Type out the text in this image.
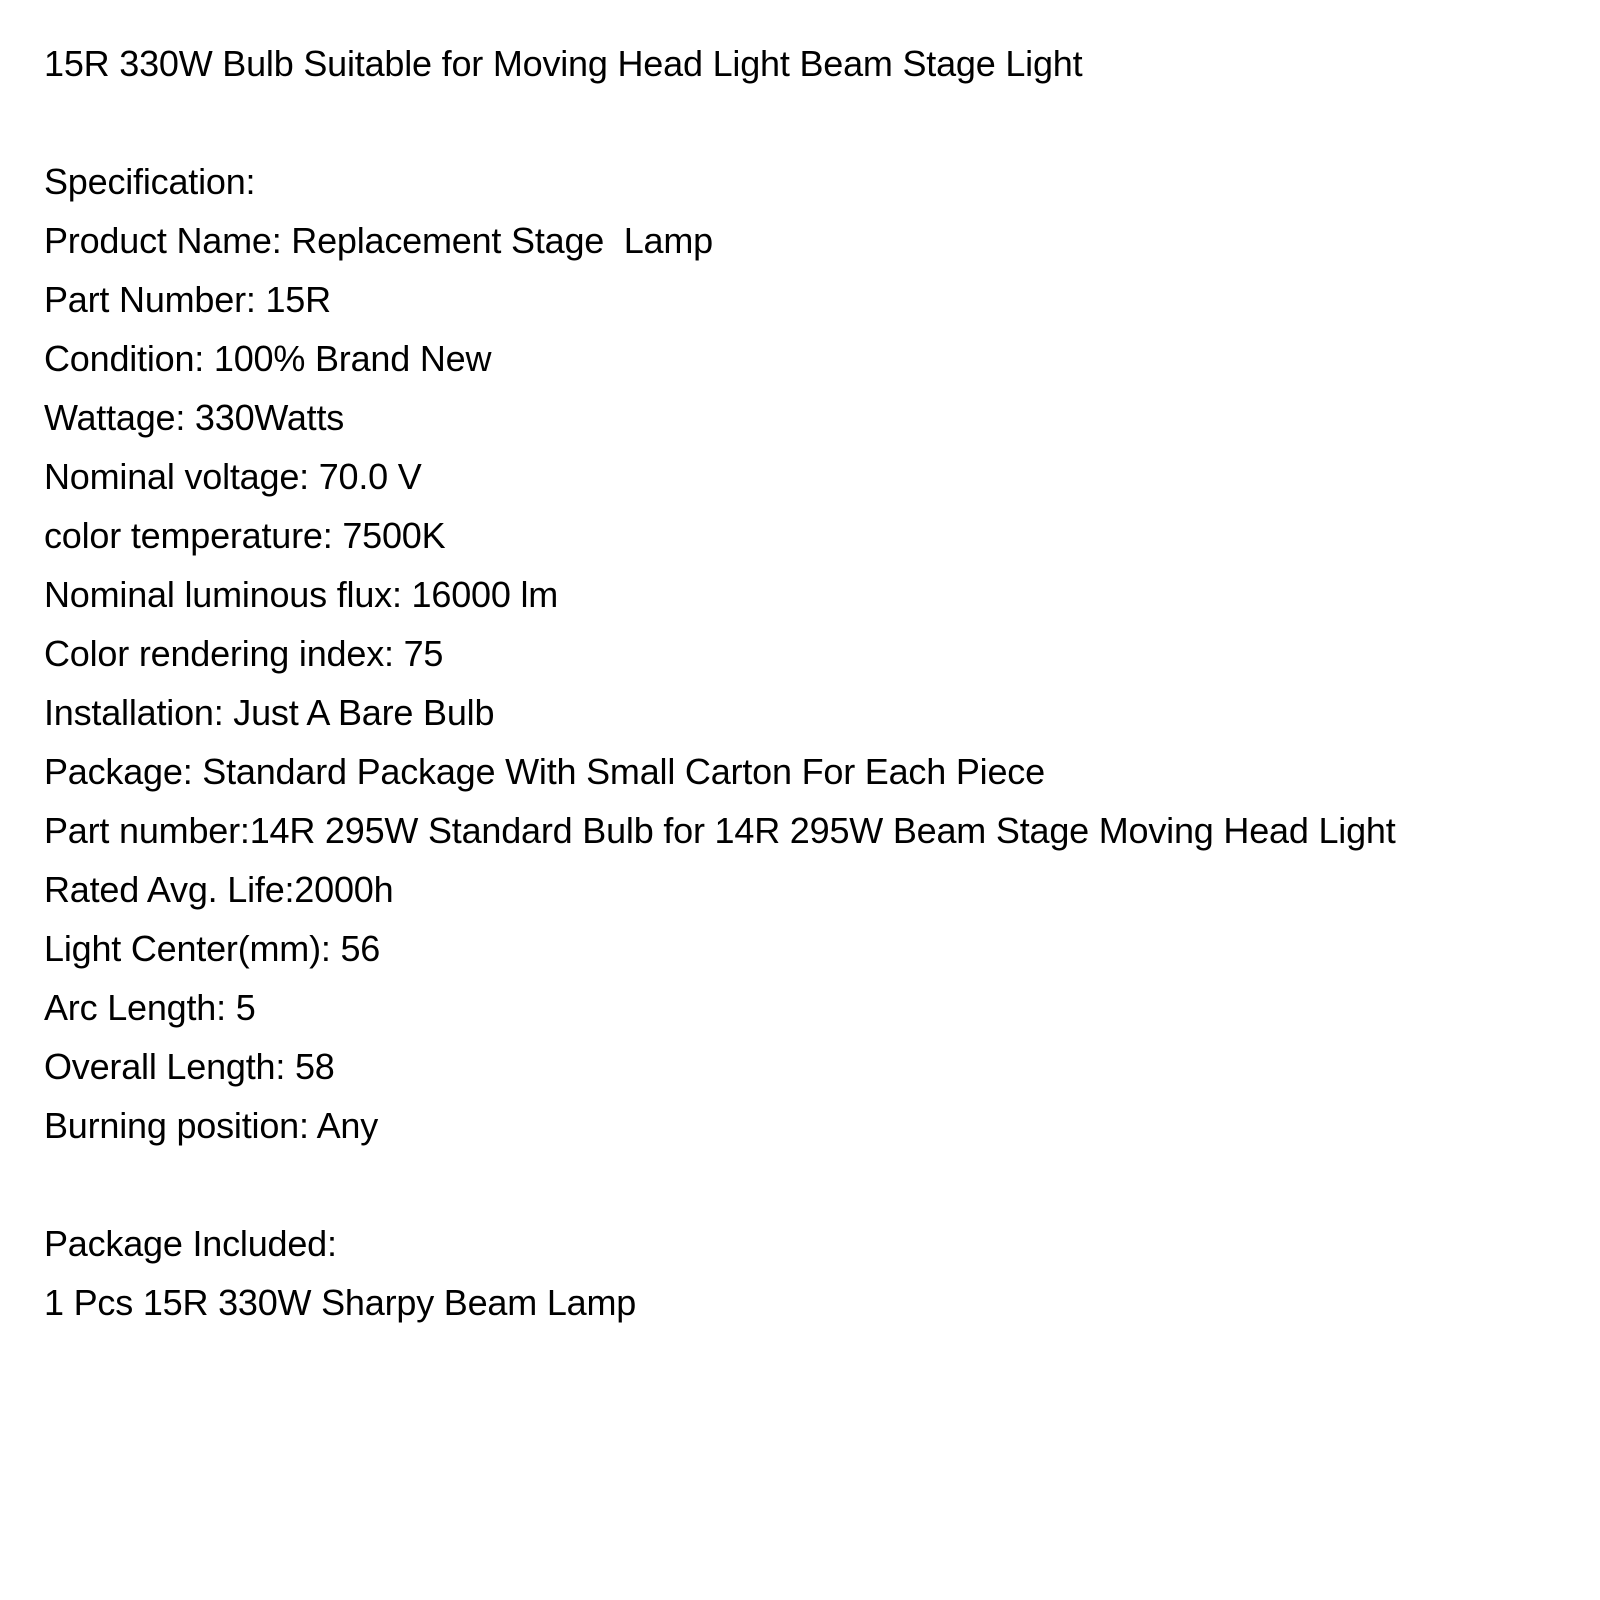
15R 330W Bulb Suitable for Moving Head Light Beam Stage Light

Specification:

Product Name: Replacement Stage  Lamp

Part Number: 15R

Condition: 100% Brand New

Wattage: 330Watts

Nominal voltage: 70.0 V

color temperature: 7500K

Nominal luminous flux: 16000 lm

Color rendering index: 75

Installation: Just A Bare Bulb

Package: Standard Package With Small Carton For Each Piece

Part number:14R 295W Standard Bulb for 14R 295W Beam Stage Moving Head Light

Rated Avg. Life:2000h

Light Center(mm): 56

Arc Length: 5

Overall Length: 58

Burning position: Any

Package Included:

1 Pcs 15R 330W Sharpy Beam Lamp
